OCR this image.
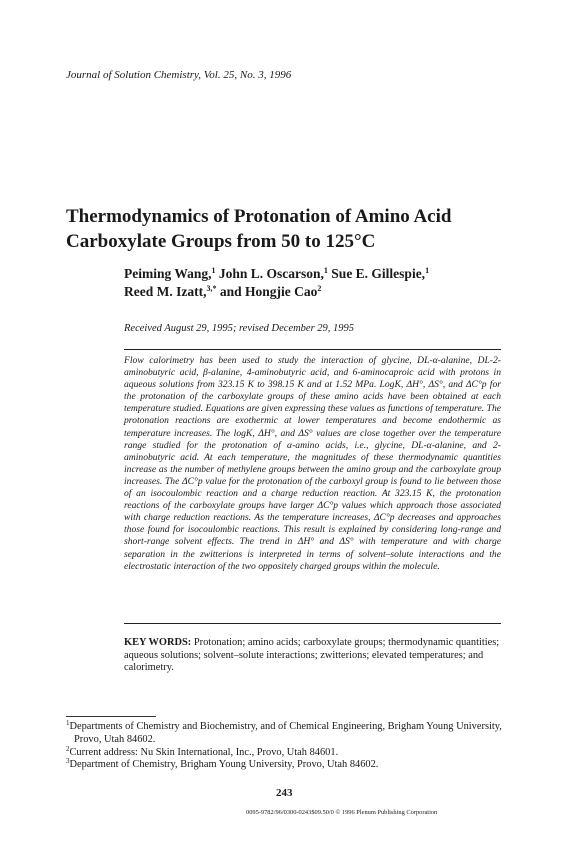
Journal of Solution Chemistry, Vol. 25, No. 3, 1996
Thermodynamics of Protonation of Amino Acid Carboxylate Groups from 50 to 125°C
Peiming Wang,$^1$ John L. Oscarson,$^1$ Sue E. Gillespie,$^1$
Reed M. Izatt,$^{3,*}$ and Hongjie Cao$^2$
Received August 29, 1995; revised December 29, 1995

Flow calorimetry has been used to study the interaction of glycine, DL-α-alanine, DL-2-aminobutyric acid, β-alanine, 4-aminobutyric acid, and 6-aminocaproic acid with protons in aqueous solutions from 323.15 K to 398.15 K and at 1.52 MPa. LogK, ΔH°, ΔS°, and ΔC°p for the protonation of the carboxylate groups of these amino acids have been obtained at each temperature studied. Equations are given expressing these values as functions of temperature. The protonation reactions are exothermic at lower temperatures and become endothermic as temperature increases. The logK, ΔH°, and ΔS° values are close together over the temperature range studied for the protonation of α-amino acids, i.e., glycine, DL-α-alanine, and 2-aminobutyric acid. At each temperature, the magnitudes of these thermodynamic quantities increase as the number of methylene groups between the amino group and the carboxylate group increases. The ΔC°p value for the protonation of the carboxyl group is found to lie between those of an isocoulombic reaction and a charge reduction reaction. At 323.15 K, the protonation reactions of the carboxylate groups have larger ΔC°p values which approach those associated with charge reduction reactions. As the temperature increases, ΔC°p decreases and approaches those found for isocoulombic reactions. This result is explained by considering long-range and short-range solvent effects. The trend in ΔH° and ΔS° with temperature and with charge separation in the zwitterions is interpreted in terms of solvent–solute interactions and the electrostatic interaction of the two oppositely charged groups within the molecule.

KEY WORDS: Protonation; amino acids; carboxylate groups; thermodynamic quantities; aqueous solutions; solvent–solute interactions; zwitterions; elevated temperatures; and calorimetry.

$^1$Departments of Chemistry and Biochemistry, and of Chemical Engineering, Brigham Young University, Provo, Utah 84602.

$^2$Current address: Nu Skin International, Inc., Provo, Utah 84601.

$^3$Department of Chemistry, Brigham Young University, Provo, Utah 84602.

243
0095-9782/96/0300-0243$09.50/0 © 1996 Plenum Publishing Corporation
